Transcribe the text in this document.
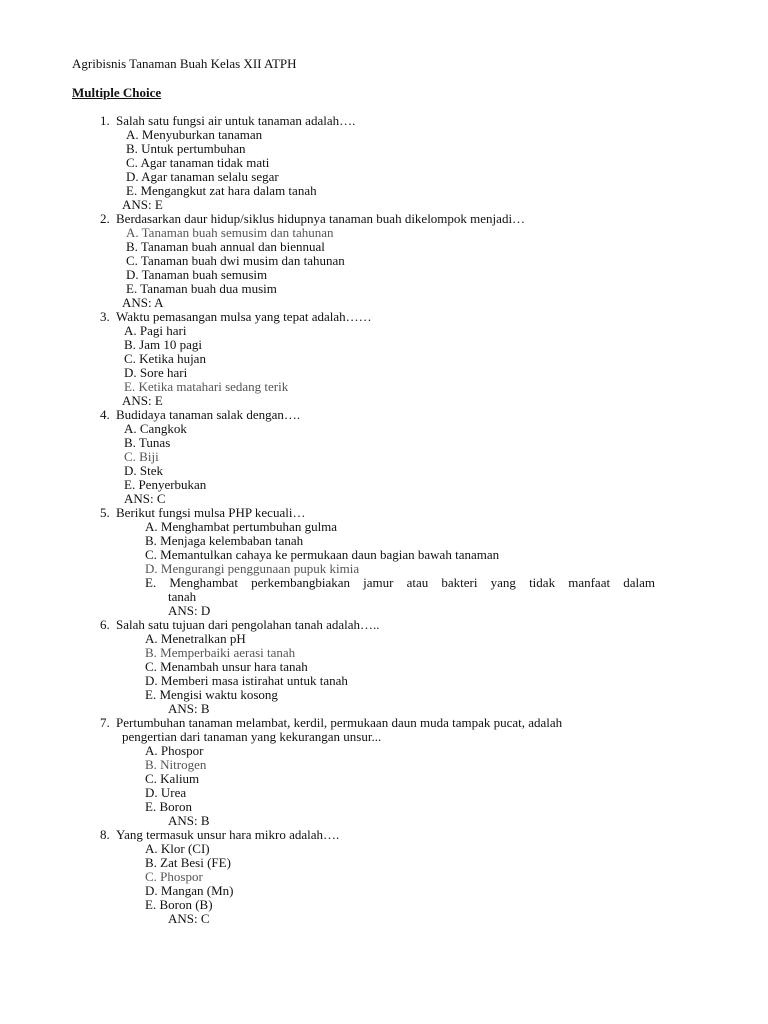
Agribisnis Tanaman Buah Kelas XII ATPH
Multiple Choice
1. Salah satu fungsi air untuk tanaman adalah….
A. Menyuburkan tanaman
B. Untuk pertumbuhan
C. Agar tanaman tidak mati
D. Agar tanaman selalu segar
E. Mengangkut zat hara dalam tanah
ANS: E
2. Berdasarkan daur hidup/siklus hidupnya tanaman buah dikelompok menjadi…
A. Tanaman buah semusim dan tahunan
B. Tanaman buah annual dan biennual
C. Tanaman buah dwi musim dan tahunan
D. Tanaman buah semusim
E. Tanaman buah dua musim
ANS: A
3. Waktu pemasangan mulsa yang tepat adalah……
A. Pagi hari
B. Jam 10 pagi
C. Ketika hujan
D. Sore hari
E. Ketika matahari sedang terik
ANS: E
4. Budidaya tanaman salak dengan….
A. Cangkok
B. Tunas
C. Biji
D. Stek
E. Penyerbukan
ANS: C
5. Berikut fungsi mulsa PHP kecuali…
A. Menghambat pertumbuhan gulma
B. Menjaga kelembaban tanah
C. Memantulkan cahaya ke permukaan daun bagian bawah tanaman
D. Mengurangi penggunaan pupuk kimia
E. Menghambat perkembangbiakan jamur atau bakteri yang tidak manfaat dalam
tanah
ANS: D
6. Salah satu tujuan dari pengolahan tanah adalah…..
A. Menetralkan pH
B. Memperbaiki aerasi tanah
C. Menambah unsur hara tanah
D. Memberi masa istirahat untuk tanah
E. Mengisi waktu kosong
ANS: B
7. Pertumbuhan tanaman melambat, kerdil, permukaan daun muda tampak pucat, adalah
pengertian dari tanaman yang kekurangan unsur...
A. Phospor
B. Nitrogen
C. Kalium
D. Urea
E. Boron
ANS: B
8. Yang termasuk unsur hara mikro adalah….
A. Klor (CI)
B. Zat Besi (FE)
C. Phospor
D. Mangan (Mn)
E. Boron (B)
ANS: C
